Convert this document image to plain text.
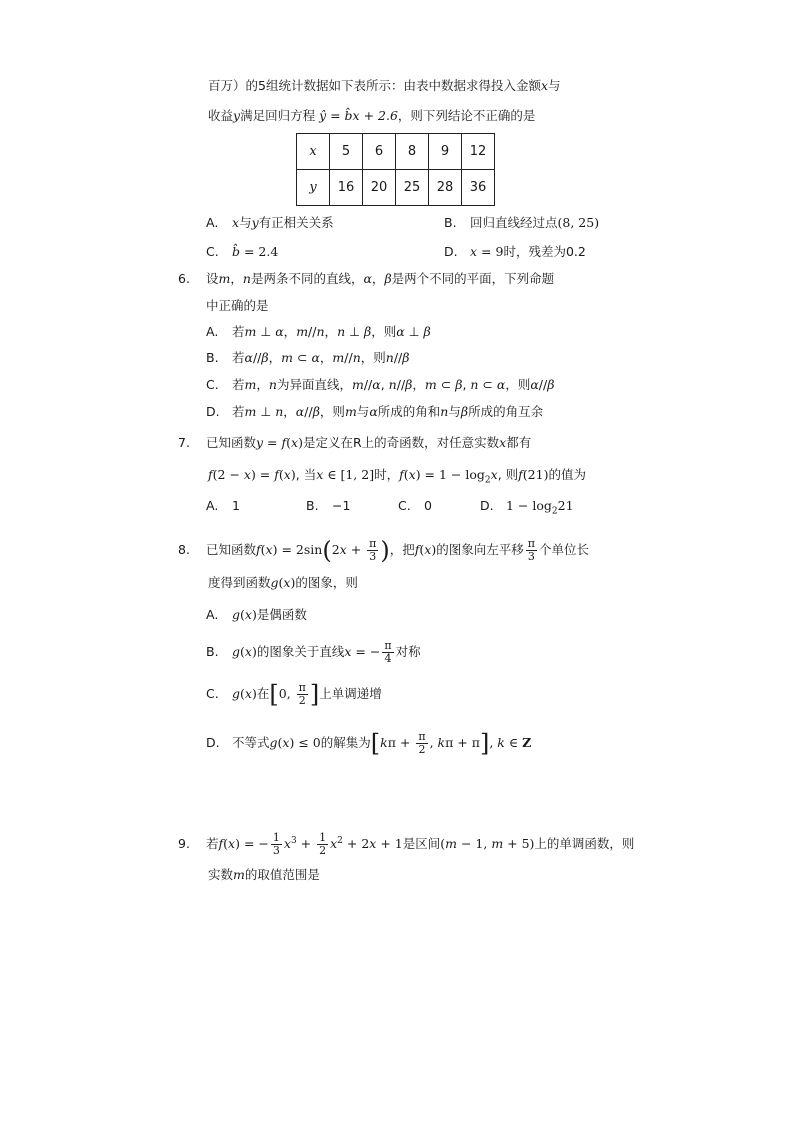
百万）的5组统计数据如下表所示：由表中数据求得投入金额x与
收益y满足回归方程 ŷ = b̂x + 2.6，则下列结论不正确的是
x	5	6	8	9	12
y	16	20	25	28	36
A. x与y有正相关关系	B. 回归直线经过点(8, 25)
C. b̂ = 2.4	D. x = 9时，残差为0.2
6. 设m，n是两条不同的直线，α，β是两个不同的平面，下列命题
中正确的是
A. 若m ⊥ α，m//n，n ⊥ β，则α ⊥ β
B. 若α//β，m ⊂ α，m//n，则n//β
C. 若m，n为异面直线，m//α, n//β，m ⊂ β, n ⊂ α，则α//β
D. 若m ⊥ n，α//β，则m与α所成的角和n与β所成的角互余
7. 已知函数y = f(x)是定义在R上的奇函数，对任意实数x都有
f(2 − x) = f(x), 当x ∈ [1, 2]时，$f(x) = 1 - \log_2x$, 则f(21)的值为
A. 1	B. −1	C. 0	D. $1 - \log_221$
8. 已知函数$f(x) = 2\sin(2x + \frac{\pi}{3}$ )，把f(x)的图象向左平移 $\frac{\pi}{3}$ 个单位长
度得到函数g(x)的图象，则
A. g(x)是偶函数
B. g(x)的图象关于直线x = − $\frac{\pi}{4}$ 对称
C. g(x)在[0, $\frac{\pi}{2}$ ]上单调递增
D. 不等式g(x) ≤ 0的解集为[$k\pi + \frac{\pi}{2}$ , kπ + π], k ∈ Z
9. 若f(x) = − $\frac{1}{3} x^3 + \frac{1}{2} x^2 + 2x + 1$是区间(m − 1, m + 5)上的单调函数，则
实数m的取值范围是
